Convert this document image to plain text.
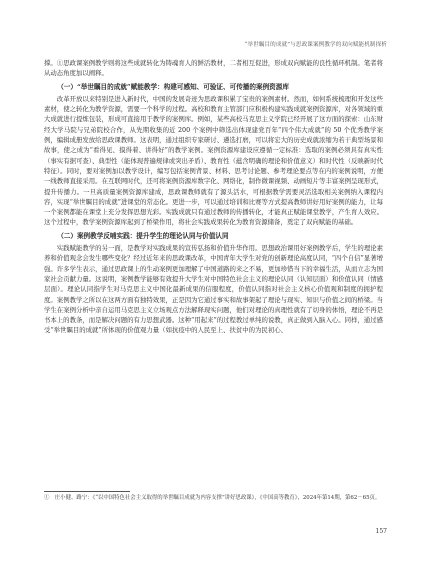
“举世瞩目的成就”与思政课案例教学的双向赋能机制探析

撑。①思政课案例教学则将这些成就转化为铸魂育人的鲜活教材，二者相互促进，形成双向赋能的良性循环机制。笔者将从动态角度加以阐释。

（一）“举世瞩目的成就”赋能教学：构建可感知、可验证、可传播的案例资源库

改革开放以来特别是进入新时代，中国的发展奇迹为思政课积累了宝贵的案例素材。然而，如何系统梳理和开发这些素材，使之转化为教学资源，需要一个科学的过程。高校和教育主管部门应积极构建实践成就案例资源库，对各领域的重大成就进行提炼包装，形成可直接用于教学的案例库。例如，某些高校马克思主义学院已经开展了这方面的探索：山东财经大学马院与兄弟院校合作，从先期收集的近 200 个案例中筛选出体现建党百年“四个伟大成就”的 50 个优秀教学案例，编辑成册发放给思政课教师。这表明，通过组织专家研讨、遴选打磨，可以将宏大的历史成就浓缩为若干典型场景和故事，使之成为“看得见、摸得着、讲得好”的教学案例。案例资源库建设应遵循一定标准：选取的案例必须具有真实性（事实有据可查）、典型性（能体现普遍规律或突出矛盾）、教育性（蕴含明确的理论和价值意义）和时代性（反映新时代特征）。同时，要对案例加以教学设计，编写包括案例背景、材料、思考讨论题、参考理论要点等在内的案例说明，方便一线教师直接采用。在互联网时代，还可将案例资源库数字化、网络化，制作微课视频、动画短片等丰富案例呈现形式，提升传播力。一旦高质量案例资源库建成，思政课教师就有了源头活水，可根据教学需要灵活选取相关案例纳入课程内容，实现“举世瞩目的成就”进课堂的常态化。更进一步，可以通过培训和比赛等方式提高教师讲好用好案例的能力，让每一个案例都能在课堂上充分发挥思想光彩。实践成就只有通过教师的传播转化，才能真正赋能课堂教学，产生育人效应。这个过程中，教学案例资源库起到了桥梁作用，将社会实践成果转化为教育资源储备，奠定了双向赋能的基础。

（二）案例教学反哺实践：提升学生的理论认同与价值认同

实践赋能教学的另一面，是教学对实践成果的宣传弘扬和价值升华作用。思想政治课用好案例教学后，学生的理论素养和价值观念会发生哪些变化？经过近年来的思政课改革，中国青年大学生对党的创新理论高度认同，“四个自信”显著增强。许多学生表示，通过思政课上的生动案例更加理解了中国道路的来之不易，更加珍惜当下的幸福生活，从而立志为国家社会贡献力量。这说明，案例教学能够有效提升大学生对中国特色社会主义的理论认同（认知层面）和价值认同（情感层面）。理论认同指学生对马克思主义中国化最新成果的信服程度，价值认同指对社会主义核心价值观和制度的拥护程度。案例教学之所以在这两方面有独特效果，正是因为它通过事实和故事架起了理论与现实、知识与价值之间的桥梁。当学生在案例分析中亲自运用马克思主义立场观点方法解释现实问题，他们对理论的真理性就有了切身的体悟，理论不再是书本上的教条，而是解决问题的有力思想武器。这种“用起来”的过程教过单纯的说教，真正做到入脑入心。同样，通过感受“举世瞩目的成就”所体现的价值观力量（如抗疫中的人民至上、扶贫中的为民初心、

①　庄小健、路宁：《“以中国特色社会主义取得的举世瞩目成就为内容支撑”讲好思政课》，《中国高等教育》，2024年第14期，第62－65页。
157
